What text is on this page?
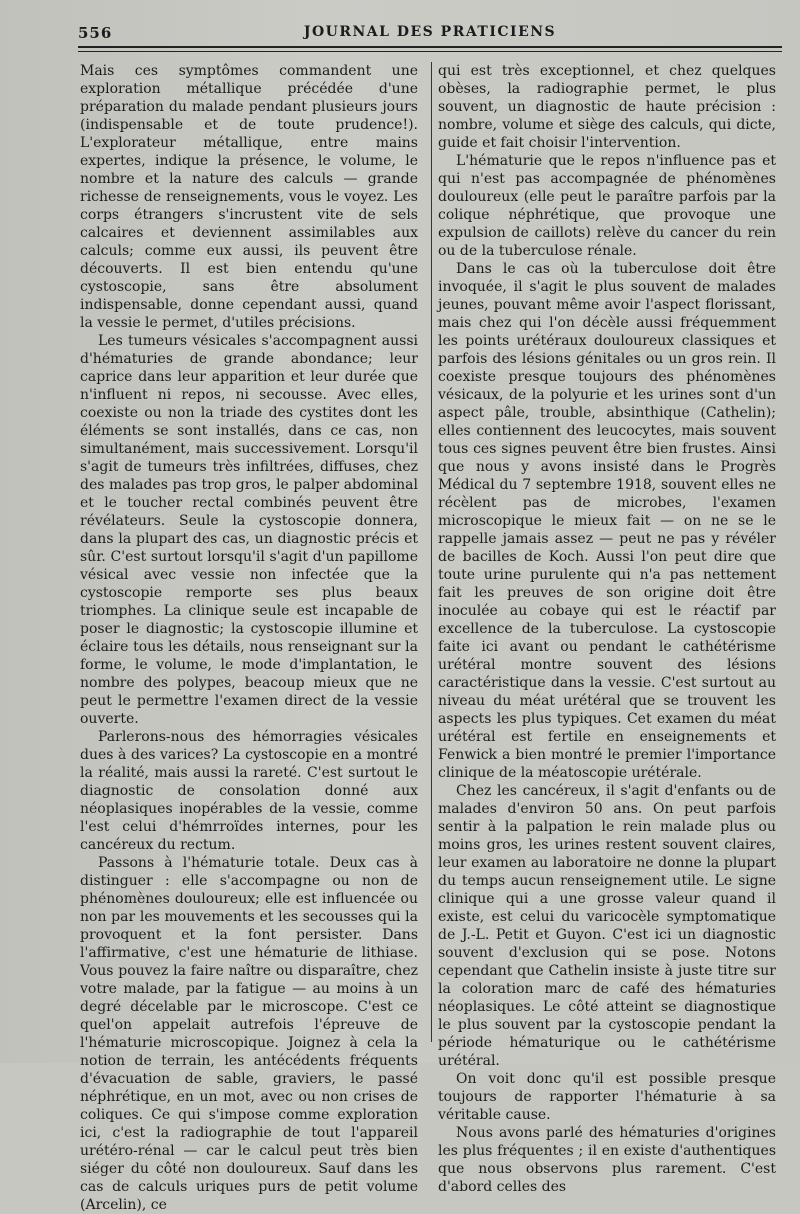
556	JOURNAL DES PRATICIENS

Mais ces symptômes commandent une exploration métallique précédée d'une préparation du malade pendant plusieurs jours (indispensable et de toute prudence!). L'explorateur métallique, entre mains expertes, indique la présence, le volume, le nombre et la nature des calculs — grande richesse de renseignements, vous le voyez. Les corps étrangers s'incrustent vite de sels calcaires et deviennent assimilables aux calculs; comme eux aussi, ils peuvent être découverts. Il est bien entendu qu'une cystoscopie, sans être absolument indispensable, donne cependant aussi, quand la vessie le permet, d'utiles précisions.

Les tumeurs vésicales s'accompagnent aussi d'hématuries de grande abondance; leur caprice dans leur apparition et leur durée que n'influent ni repos, ni secousse. Avec elles, coexiste ou non la triade des cystites dont les éléments se sont installés, dans ce cas, non simultanément, mais successivement. Lorsqu'il s'agit de tumeurs très infiltrées, diffuses, chez des malades pas trop gros, le palper abdominal et le toucher rectal combinés peuvent être révélateurs. Seule la cystoscopie donnera, dans la plupart des cas, un diagnostic précis et sûr. C'est surtout lorsqu'il s'agit d'un papillome vésical avec vessie non infectée que la cystoscopie remporte ses plus beaux triomphes. La clinique seule est incapable de poser le diagnostic; la cystoscopie illumine et éclaire tous les détails, nous renseignant sur la forme, le volume, le mode d'implantation, le nombre des polypes, beacoup mieux que ne peut le permettre l'examen direct de la vessie ouverte.

Parlerons-nous des hémorragies vésicales dues à des varices? La cystoscopie en a montré la réalité, mais aussi la rareté. C'est surtout le diagnostic de consolation donné aux néoplasiques inopérables de la vessie, comme l'est celui d'hémrroïdes internes, pour les cancéreux du rectum.

Passons à l'hématurie totale. Deux cas à distinguer : elle s'accompagne ou non de phénomènes douloureux; elle est influencée ou non par les mouvements et les secousses qui la provoquent et la font persister. Dans l'affirmative, c'est une hématurie de lithiase. Vous pouvez la faire naître ou disparaître, chez votre malade, par la fatigue — au moins à un degré décelable par le microscope. C'est ce quel'on appelait autrefois l'épreuve de l'hématurie microscopique. Joignez à cela la notion de terrain, les antécédents fréquents d'évacuation de sable, graviers, le passé néphrétique, en un mot, avec ou non crises de coliques. Ce qui s'impose comme exploration ici, c'est la radiographie de tout l'appareil urétéro-rénal — car le calcul peut très bien siéger du côté non douloureux. Sauf dans les cas de calculs uriques purs de petit volume (Arcelin), ce

qui est très exceptionnel, et chez quelques obèses, la radiographie permet, le plus souvent, un diagnostic de haute précision : nombre, volume et siège des calculs, qui dicte, guide et fait choisir l'intervention.

L'hématurie que le repos n'influence pas et qui n'est pas accompagnée de phénomènes douloureux (elle peut le paraître parfois par la colique néphrétique, que provoque une expulsion de caillots) relève du cancer du rein ou de la tuberculose rénale.

Dans le cas où la tuberculose doit être invoquée, il s'agit le plus souvent de malades jeunes, pouvant même avoir l'aspect florissant, mais chez qui l'on décèle aussi fréquemment les points urétéraux douloureux classiques et parfois des lésions génitales ou un gros rein. Il coexiste presque toujours des phénomènes vésicaux, de la polyurie et les urines sont d'un aspect pâle, trouble, absinthique (Cathelin); elles contiennent des leucocytes, mais souvent tous ces signes peuvent être bien frustes. Ainsi que nous y avons insisté dans le Progrès Médical du 7 septembre 1918, souvent elles ne récèlent pas de microbes, l'examen microscopique le mieux fait — on ne se le rappelle jamais assez — peut ne pas y révéler de bacilles de Koch. Aussi l'on peut dire que toute urine purulente qui n'a pas nettement fait les preuves de son origine doit être inoculée au cobaye qui est le réactif par excellence de la tuberculose. La cystoscopie faite ici avant ou pendant le cathétérisme urétéral montre souvent des lésions caractéristique dans la vessie. C'est surtout au niveau du méat urétéral que se trouvent les aspects les plus typiques. Cet examen du méat urétéral est fertile en enseignements et Fenwick a bien montré le premier l'importance clinique de la méatoscopie urétérale.

Chez les cancéreux, il s'agit d'enfants ou de malades d'environ 50 ans. On peut parfois sentir à la palpation le rein malade plus ou moins gros, les urines restent souvent claires, leur examen au laboratoire ne donne la plupart du temps aucun renseignement utile. Le signe clinique qui a une grosse valeur quand il existe, est celui du varicocèle symptomatique de J.-L. Petit et Guyon. C'est ici un diagnostic souvent d'exclusion qui se pose. Notons cependant que Cathelin insiste à juste titre sur la coloration marc de café des hématuries néoplasiques. Le côté atteint se diagnostique le plus souvent par la cystoscopie pendant la période hématurique ou le cathétérisme urétéral.

On voit donc qu'il est possible presque toujours de rapporter l'hématurie à sa véritable cause.

Nous avons parlé des hématuries d'origines les plus fréquentes ; il en existe d'authentiques que nous observons plus rarement. C'est d'abord celles des
